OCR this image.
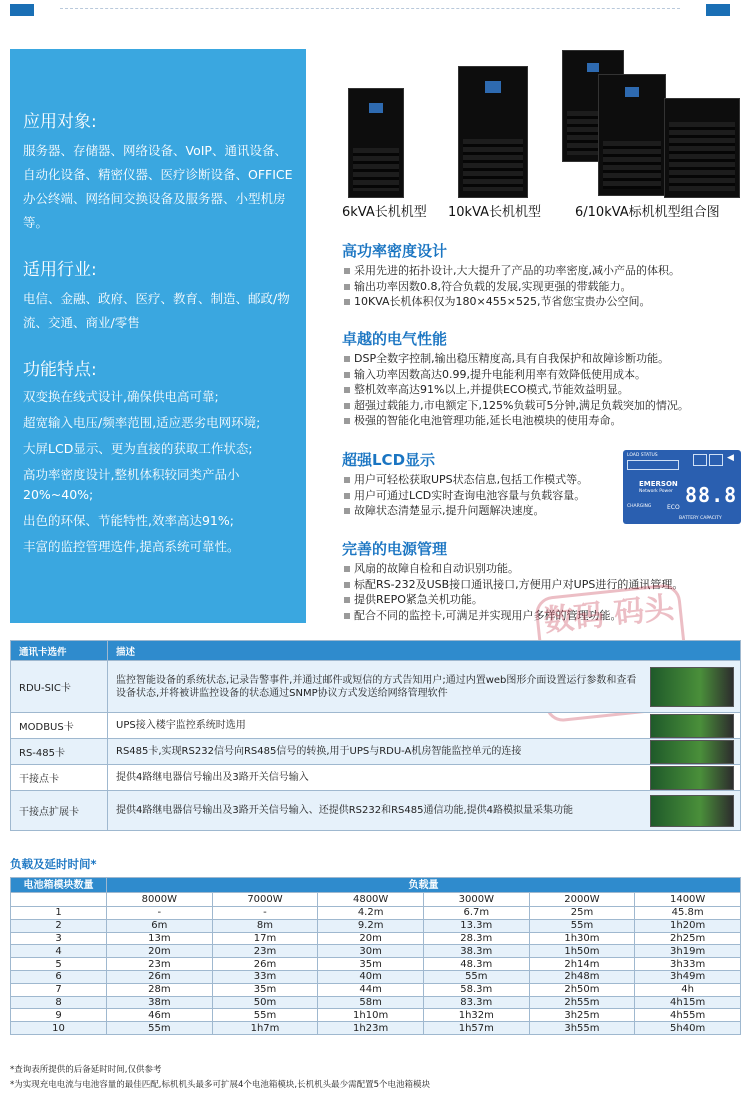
应用对象:
服务器、存储器、网络设备、VoIP、通讯设备、自动化设备、精密仪器、医疗诊断设备、OFFICE 办公终端、网络间交换设备及服务器、小型机房等。
适用行业:
电信、金融、政府、医疗、教育、制造、邮政/物流、交通、商业/零售
功能特点:
双变换在线式设计,确保供电高可靠;
超宽输入电压/频率范围,适应恶劣电网环境;
大屏LCD显示、更为直接的获取工作状态;
高功率密度设计,整机体积较同类产品小20%~40%;
出色的环保、节能特性,效率高达91%;
丰富的监控管理选件,提高系统可靠性。
6kVA长机机型 10kVA长机机型	6/10kVA标机机型组合图
高功率密度设计
采用先进的拓扑设计,大大提升了产品的功率密度,减小产品的体积。
输出功率因数0.8,符合负载的发展,实现更强的带载能力。
10KVA长机体积仅为180×455×525,节省您宝贵办公空间。
卓越的电气性能
DSP全数字控制,输出稳压精度高,具有自我保护和故障诊断功能。
输入功率因数高达0.99,提升电能利用率有效降低使用成本。
整机效率高达91%以上,并提供ECO模式,节能效益明显。
超强过载能力,市电额定下,125%负载可5分钟,满足负载突加的情况。
极强的智能化电池管理功能,延长电池模块的使用寿命。
超强LCD显示
用户可轻松获取UPS状态信息,包括工作模式等。
用户可通过LCD实时查询电池容量与负载容量。
故障状态清楚显示,提升问题解决速度。
完善的电源管理
风扇的故障自检和自动识别功能。
标配RS-232及USB接口通讯接口,方便用户对UPS进行的通讯管理。
提供REPO紧急关机功能。
配合不同的监控卡,可满足并实现用户多样的管理功能。
LOAD STATUS	◀
EMERSON
Network Power 88.8
CHARGING	ECO
BATTERY CAPACITY
数码 码头
通讯卡选件	描述
RDU-SIC卡	监控智能设备的系统状态,记录告警事件,并通过邮件或短信的方式告知用户;通过内置web图形介面设置运行参数和查看设备状态,并将被讲监控设备的状态通过SNMP协议方式发送给网络管理软件

MODBUS卡	UPS接入楼宇监控系统时选用

RS-485卡	RS485卡,实现RS232信号向RS485信号的转换,用于UPS与RDU-A机房智能监控单元的连接

干接点卡	提供4路继电器信号输出及3路开关信号输入

干接点扩展卡	提供4路继电器信号输出及3路开关信号输入、还提供RS232和RS485通信功能,提供4路模拟量采集功能
负载及延时时间*
电池箱模块数量	负载量					
	8000W	7000W	4800W	3000W	2000W	1400W
1	-	-	4.2m	6.7m	25m	45.8m
2	6m	8m	9.2m	13.3m	55m	1h20m
3	13m	17m	20m	28.3m	1h30m	2h25m
4	20m	23m	30m	38.3m	1h50m	3h19m
5	23m	26m	35m	48.3m	2h14m	3h33m
6	26m	33m	40m	55m	2h48m	3h49m
7	28m	35m	44m	58.3m	2h50m	4h
8	38m	50m	58m	83.3m	2h55m	4h15m
9	46m	55m	1h10m	1h32m	3h25m	4h55m
10	55m	1h7m	1h23m	1h57m	3h55m	5h40m
*查询表所提供的后备延时时间,仅供参考
*为实现充电电流与电池容量的最佳匹配,标机机头最多可扩展4个电池箱模块,长机机头最少需配置5个电池箱模块
